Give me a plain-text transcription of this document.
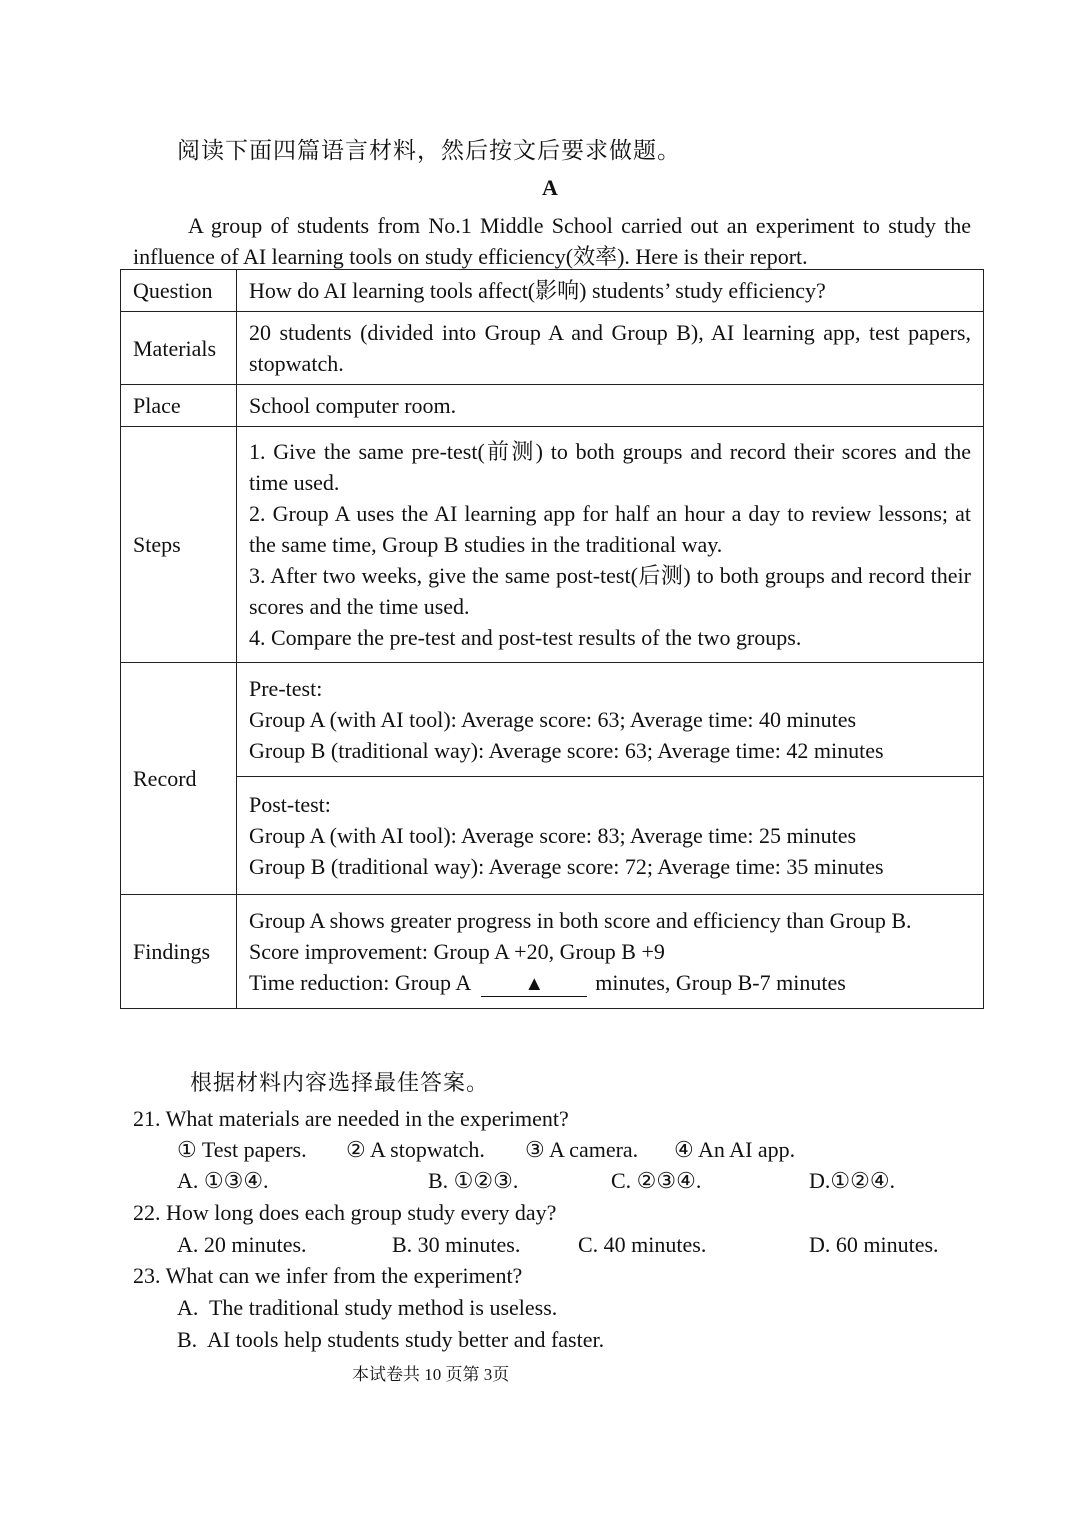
阅读下面四篇语言材料，然后按文后要求做题。
A
A group of students from No.1 Middle School carried out an experiment to study the influence of AI learning tools on study efficiency(效率). Here is their report.
Question	How do AI learning tools affect(影响) students’ study efficiency?
Materials	20 students (divided into Group A and Group B), AI learning app, test papers, stopwatch.
Place	School computer room.
Steps	1. Give the same pre-test(前测) to both groups and record their scores and the time used.
2. Group A uses the AI learning app for half an hour a day to review lessons; at the same time, Group B studies in the traditional way.
3. After two weeks, give the same post-test(后测) to both groups and record their scores and the time used.
4. Compare the pre-test and post-test results of the two groups.

Record	Pre-test:
Group A (with AI tool): Average score: 63; Average time: 40 minutes
Group B (traditional way): Average score: 63; Average time: 42 minutes

	Post-test:
Group A (with AI tool): Average score: 83; Average time: 25 minutes
Group B (traditional way): Average score: 72; Average time: 35 minutes

Findings	Group A shows greater progress in both score and efficiency than Group B.
Score improvement: Group A +20, Group B +9
Time reduction: Group A ▲ minutes, Group B-7 minutes
根据材料内容选择最佳答案。
21. What materials are needed in the experiment?
① Test papers. ② A stopwatch. ③ A camera. ④ An AI app.
A. ①③④.	B. ①②③.	C. ②③④.	D.①②④.
22. How long does each group study every day?
A. 20 minutes.	B. 30 minutes.	C. 40 minutes.	D. 60 minutes.
23. What can we infer from the experiment?
A.  The traditional study method is useless.
B.  AI tools help students study better and faster.
本试卷共 10 页第 3页
